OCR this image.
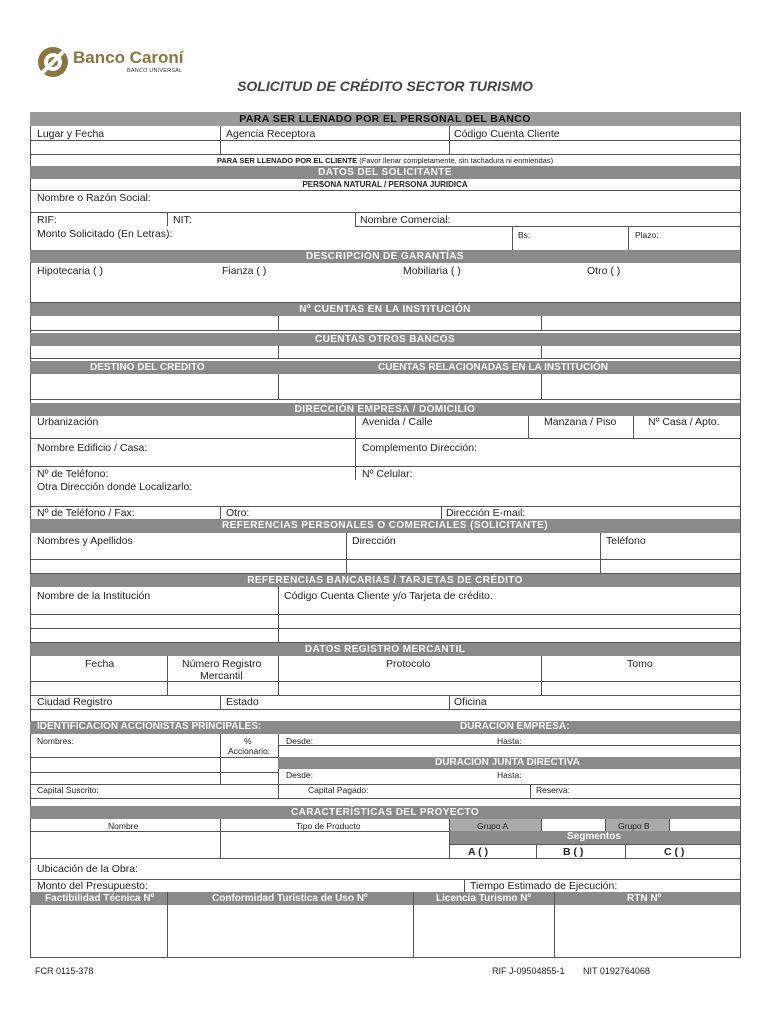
Banco Caroní
BANCO UNIVERSAL
SOLICITUD DE CRÉDITO SECTOR TURISMO
PARA SER LLENADO POR EL PERSONAL DEL BANCO
Lugar y Fecha	Agencia Receptora	Código Cuenta Cliente
PARA SER LLENADO POR EL CLIENTE (Favor llenar completamente, sin tachadura ni enmiendas)
DATOS DEL SOLICITANTE
PERSONA NATURAL / PERSONA JURIDICA
Nombre o Razón Social:
RIF:	NIT:	Nombre Comercial:
Monto Solicitado (En Letras):	Bs:	Plazo:
DESCRIPCIÓN DE GARANTÍAS
Hipotecaria ( )	Fianza ( )	Mobiliaria ( )	Otro ( )
Nº CUENTAS EN LA INSTITUCIÓN
CUENTAS OTROS BANCOS
DESTINO DEL CREDITO	CUENTAS RELACIONADAS EN LA INSTITUCIÓN
DIRECCIÓN EMPRESA / DOMICILIO
Urbanización	Avenida / Calle	Manzana / Piso	Nº Casa / Apto.
Nombre Edificio / Casa:	Complemento Dirección:
Nº de Teléfono:	Nº Celular:
Otra Dirección donde Localizarlo:
Nº de Teléfono / Fax:	Otro:	Dirección E-mail:
REFERENCIAS PERSONALES O COMERCIALES (SOLICITANTE)
Nombres y Apellidos	Dirección	Teléfono
REFERENCIAS BANCARIAS / TARJETAS DE CRÉDITO
Nombre de la Institución	Código Cuenta Cliente y/o Tarjeta de crédito.
DATOS REGISTRO MERCANTIL
Fecha	Número Registro
Mercantil
Protocolo	Tomo
Ciudad Registro	Estado	Oficina
IDENTIFICACION ACCIONISTAS PRINCIPALES:	DURACIÓN EMPRESA:
Nombres:	%
Accionario:
Desde:	Hasta:
DURACIÓN JUNTA DIRECTIVA
Desde:	Hasta:
Capital Suscrito:	Capital Pagado:	Reserva:
CARACTERÍSTICAS DEL PROYECTO
Nombre	Tipo de Producto	Grupo A	Grupo B
Segmentos
A ( )	B ( )	C ( )
Ubicación de la Obra:
Monto del Presupuesto:	Tiempo Estimado de Ejecución:
Factibilidad Técnica Nº	Conformidad Turística de Uso Nº	Licencia Turismo Nº	RTN Nº
FCR 0115-378	RIF J-09504855-1 NIT 0192764068
